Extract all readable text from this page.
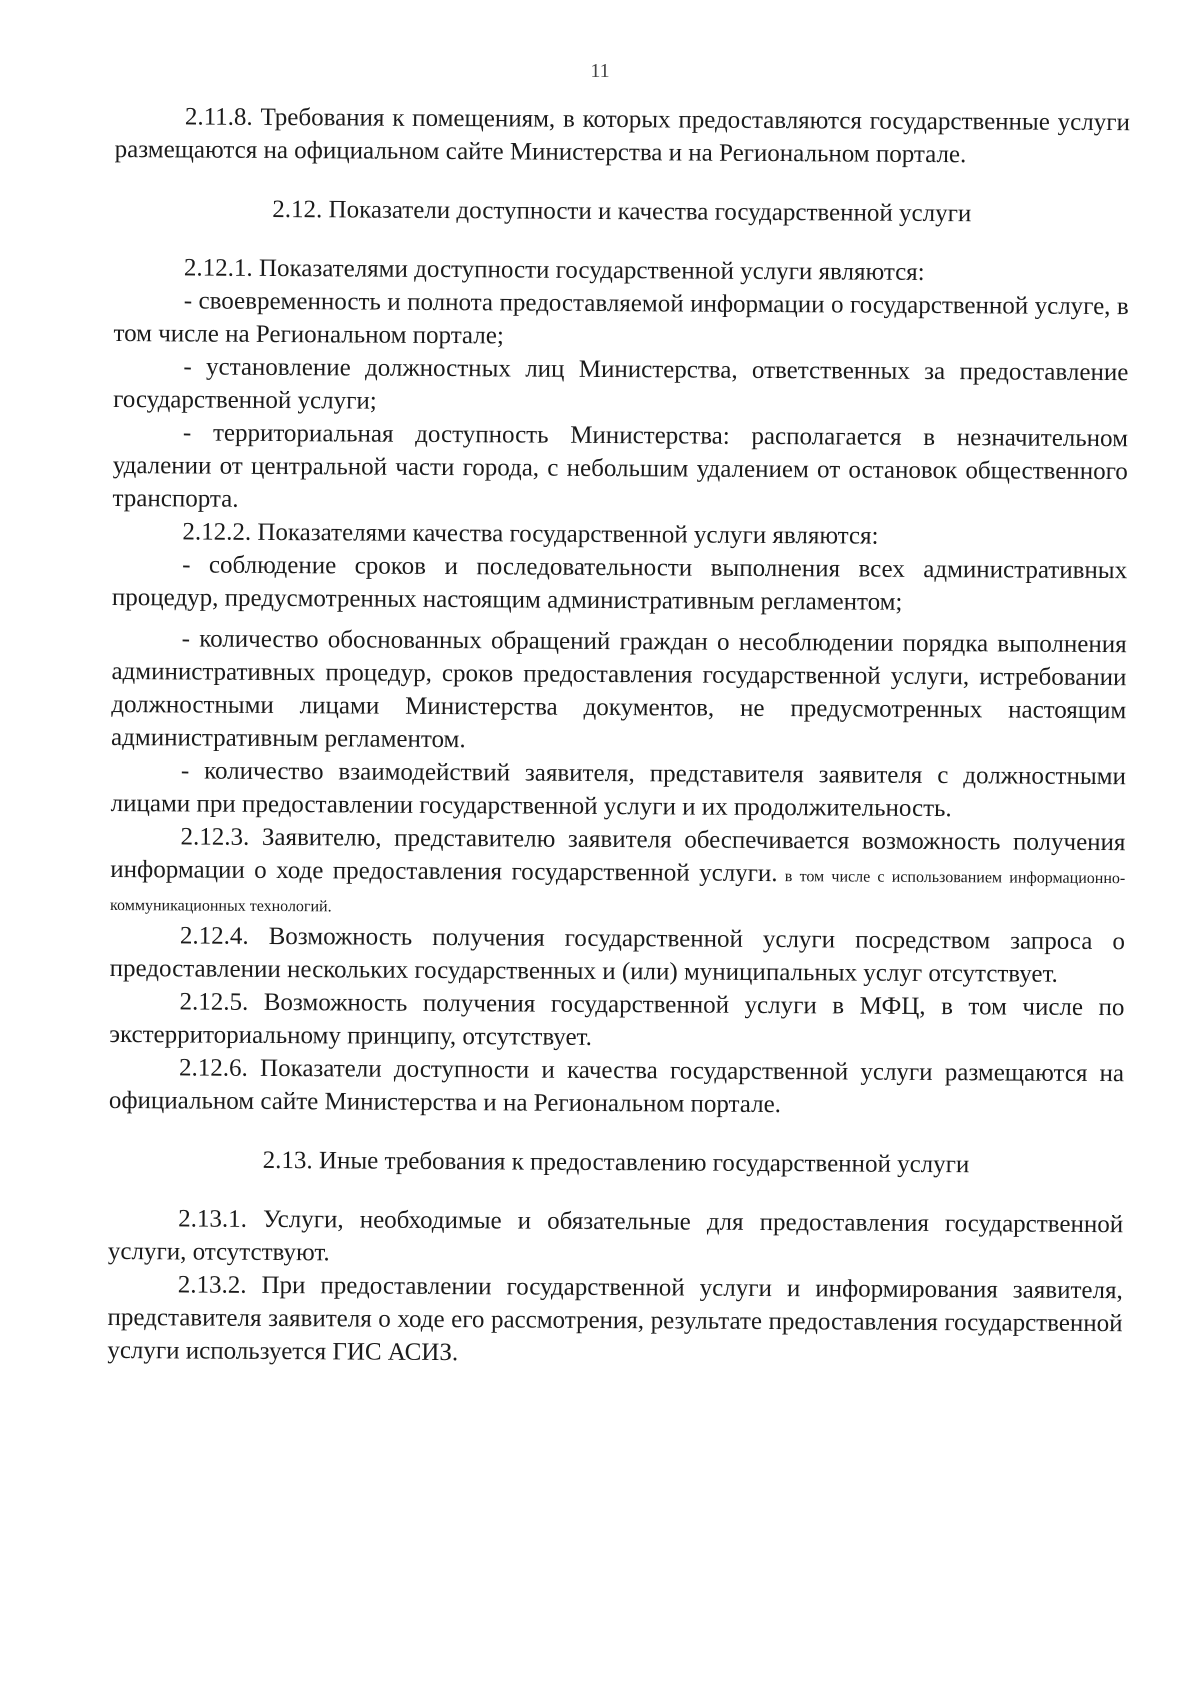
11

2.11.8. Требования к помещениям, в которых предоставляются государственные услуги размещаются на официальном сайте Министерства и на Региональном портале.

2.12. Показатели доступности и качества государственной услуги

2.12.1. Показателями доступности государственной услуги являются:

- своевременность и полнота предоставляемой информации о государственной услуге, в том числе на Региональном портале;

- установление должностных лиц Министерства, ответственных за предоставление государственной услуги;

- территориальная доступность Министерства: располагается в незначительном удалении от центральной части города, с небольшим удалением от остановок общественного транспорта.

2.12.2. Показателями качества государственной услуги являются:

- соблюдение сроков и последовательности выполнения всех административных процедур, предусмотренных настоящим административным регламентом;

- количество обоснованных обращений граждан о несоблюдении порядка выполнения административных процедур, сроков предоставления государственной услуги, истребовании должностными лицами Министерства документов, не предусмотренных настоящим административным регламентом.

- количество взаимодействий заявителя, представителя заявителя с должностными лицами при предоставлении государственной услуги и их продолжительность.

2.12.3. Заявителю, представителю заявителя обеспечивается возможность получения информации о ходе предоставления государственной услуги. в том числе с использованием информационно-коммуникационных технологий.

2.12.4. Возможность получения государственной услуги посредством запроса о предоставлении нескольких государственных и (или) муниципальных услуг отсутствует.

2.12.5. Возможность получения государственной услуги в МФЦ, в том числе по экстерриториальному принципу, отсутствует.

2.12.6. Показатели доступности и качества государственной услуги размещаются на официальном сайте Министерства и на Региональном портале.

2.13. Иные требования к предоставлению государственной услуги

2.13.1. Услуги, необходимые и обязательные для предоставления государственной услуги, отсутствуют.

2.13.2. При предоставлении государственной услуги и информирования заявителя, представителя заявителя о ходе его рассмотрения, результате предоставления государственной услуги используется ГИС АСИЗ.
